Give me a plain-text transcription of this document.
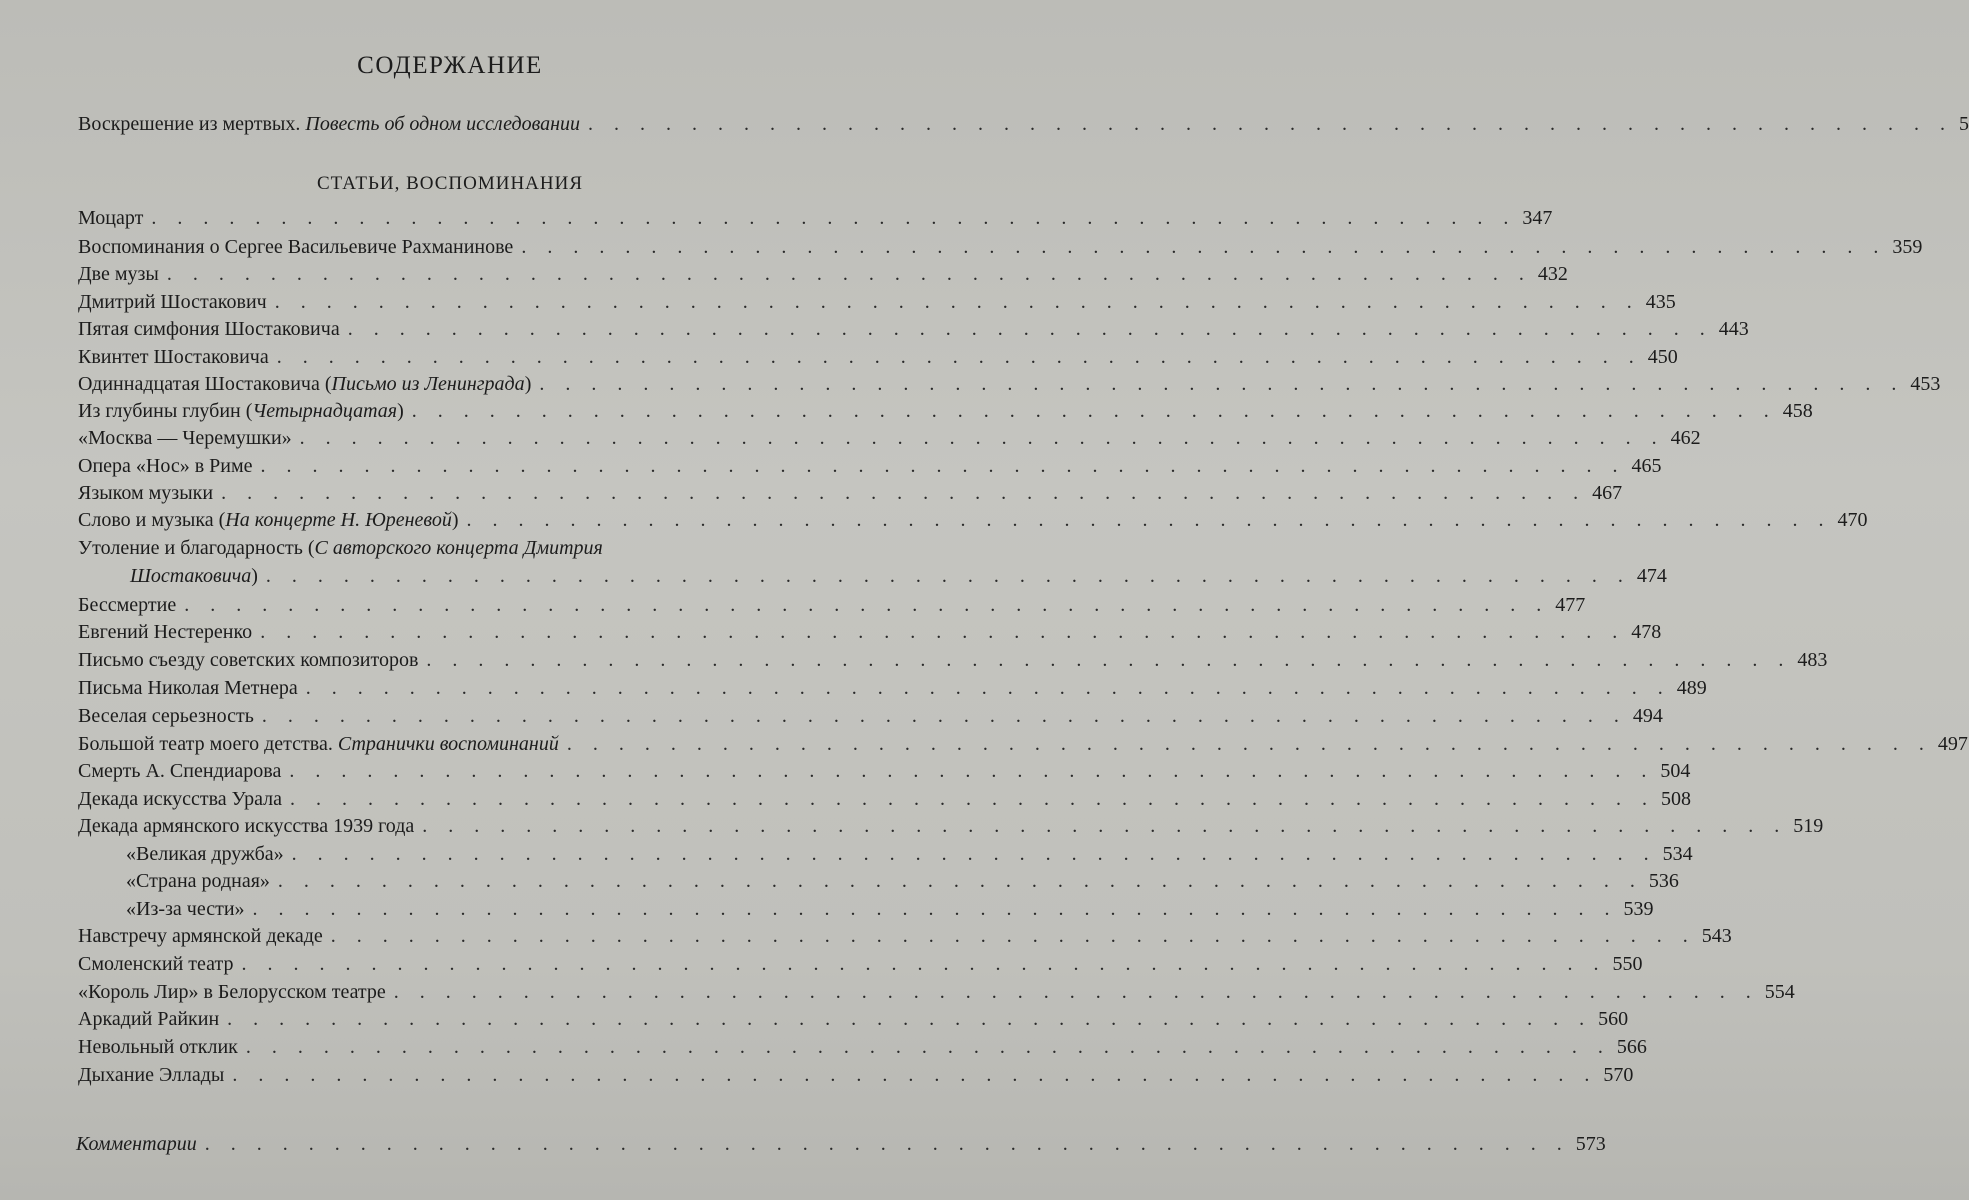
СОДЕРЖАНИЕ
Воскрешение из мертвых. Повесть об одном исследовании . . . . . . . . . . . . . . . . . . . . . . . . . . . . . . . . . . . . . . . . . . . . . . . . . . . . . 5
СТАТЬИ, ВОСПОМИНАНИЯ
Моцарт . . . . . . . . . . . . . . . . . . . . . . . . . . . . . . . . . . . . . . . . . . . . . . . . . . . . . 347
Воспоминания о Сергее Васильевиче Рахманинове . . . . . . . . . . . . . . . . . . . . . . . . . . . . . . . . . . . . . . . . . . . . . . . . . . . . . 359
Две музы . . . . . . . . . . . . . . . . . . . . . . . . . . . . . . . . . . . . . . . . . . . . . . . . . . . . . 432
Дмитрий Шостакович . . . . . . . . . . . . . . . . . . . . . . . . . . . . . . . . . . . . . . . . . . . . . . . . . . . . . 435
Пятая симфония Шостаковича . . . . . . . . . . . . . . . . . . . . . . . . . . . . . . . . . . . . . . . . . . . . . . . . . . . . . 443
Квинтет Шостаковича . . . . . . . . . . . . . . . . . . . . . . . . . . . . . . . . . . . . . . . . . . . . . . . . . . . . . 450
Одиннадцатая Шостаковича (Письмо из Ленинграда) . . . . . . . . . . . . . . . . . . . . . . . . . . . . . . . . . . . . . . . . . . . . . . . . . . . . . 453
Из глубины глубин (Четырнадцатая) . . . . . . . . . . . . . . . . . . . . . . . . . . . . . . . . . . . . . . . . . . . . . . . . . . . . . 458
«Москва — Черемушки» . . . . . . . . . . . . . . . . . . . . . . . . . . . . . . . . . . . . . . . . . . . . . . . . . . . . . 462
Опера «Нос» в Риме . . . . . . . . . . . . . . . . . . . . . . . . . . . . . . . . . . . . . . . . . . . . . . . . . . . . . 465
Языком музыки . . . . . . . . . . . . . . . . . . . . . . . . . . . . . . . . . . . . . . . . . . . . . . . . . . . . . 467
Слово и музыка (На концерте Н. Юреневой) . . . . . . . . . . . . . . . . . . . . . . . . . . . . . . . . . . . . . . . . . . . . . . . . . . . . . 470
Утоление и благодарность (С авторского концерта Дмитрия
Шостаковича) . . . . . . . . . . . . . . . . . . . . . . . . . . . . . . . . . . . . . . . . . . . . . . . . . . . . . 474
Бессмертие . . . . . . . . . . . . . . . . . . . . . . . . . . . . . . . . . . . . . . . . . . . . . . . . . . . . . 477
Евгений Нестеренко . . . . . . . . . . . . . . . . . . . . . . . . . . . . . . . . . . . . . . . . . . . . . . . . . . . . . 478
Письмо съезду советских композиторов . . . . . . . . . . . . . . . . . . . . . . . . . . . . . . . . . . . . . . . . . . . . . . . . . . . . . 483
Письма Николая Метнера . . . . . . . . . . . . . . . . . . . . . . . . . . . . . . . . . . . . . . . . . . . . . . . . . . . . . 489
Веселая серьезность . . . . . . . . . . . . . . . . . . . . . . . . . . . . . . . . . . . . . . . . . . . . . . . . . . . . . 494
Большой театр моего детства. Странички воспоминаний . . . . . . . . . . . . . . . . . . . . . . . . . . . . . . . . . . . . . . . . . . . . . . . . . . . . . 497
Смерть А. Спендиарова . . . . . . . . . . . . . . . . . . . . . . . . . . . . . . . . . . . . . . . . . . . . . . . . . . . . . 504
Декада искусства Урала . . . . . . . . . . . . . . . . . . . . . . . . . . . . . . . . . . . . . . . . . . . . . . . . . . . . . 508
Декада армянского искусства 1939 года . . . . . . . . . . . . . . . . . . . . . . . . . . . . . . . . . . . . . . . . . . . . . . . . . . . . . 519
«Великая дружба» . . . . . . . . . . . . . . . . . . . . . . . . . . . . . . . . . . . . . . . . . . . . . . . . . . . . . 534
«Страна родная» . . . . . . . . . . . . . . . . . . . . . . . . . . . . . . . . . . . . . . . . . . . . . . . . . . . . . 536
«Из-за чести» . . . . . . . . . . . . . . . . . . . . . . . . . . . . . . . . . . . . . . . . . . . . . . . . . . . . . 539
Навстречу армянской декаде . . . . . . . . . . . . . . . . . . . . . . . . . . . . . . . . . . . . . . . . . . . . . . . . . . . . . 543
Смоленский театр . . . . . . . . . . . . . . . . . . . . . . . . . . . . . . . . . . . . . . . . . . . . . . . . . . . . . 550
«Король Лир» в Белорусском театре . . . . . . . . . . . . . . . . . . . . . . . . . . . . . . . . . . . . . . . . . . . . . . . . . . . . . 554
Аркадий Райкин . . . . . . . . . . . . . . . . . . . . . . . . . . . . . . . . . . . . . . . . . . . . . . . . . . . . . 560
Невольный отклик . . . . . . . . . . . . . . . . . . . . . . . . . . . . . . . . . . . . . . . . . . . . . . . . . . . . . 566
Дыхание Эллады . . . . . . . . . . . . . . . . . . . . . . . . . . . . . . . . . . . . . . . . . . . . . . . . . . . . . 570
Комментарии . . . . . . . . . . . . . . . . . . . . . . . . . . . . . . . . . . . . . . . . . . . . . . . . . . . . . 573
